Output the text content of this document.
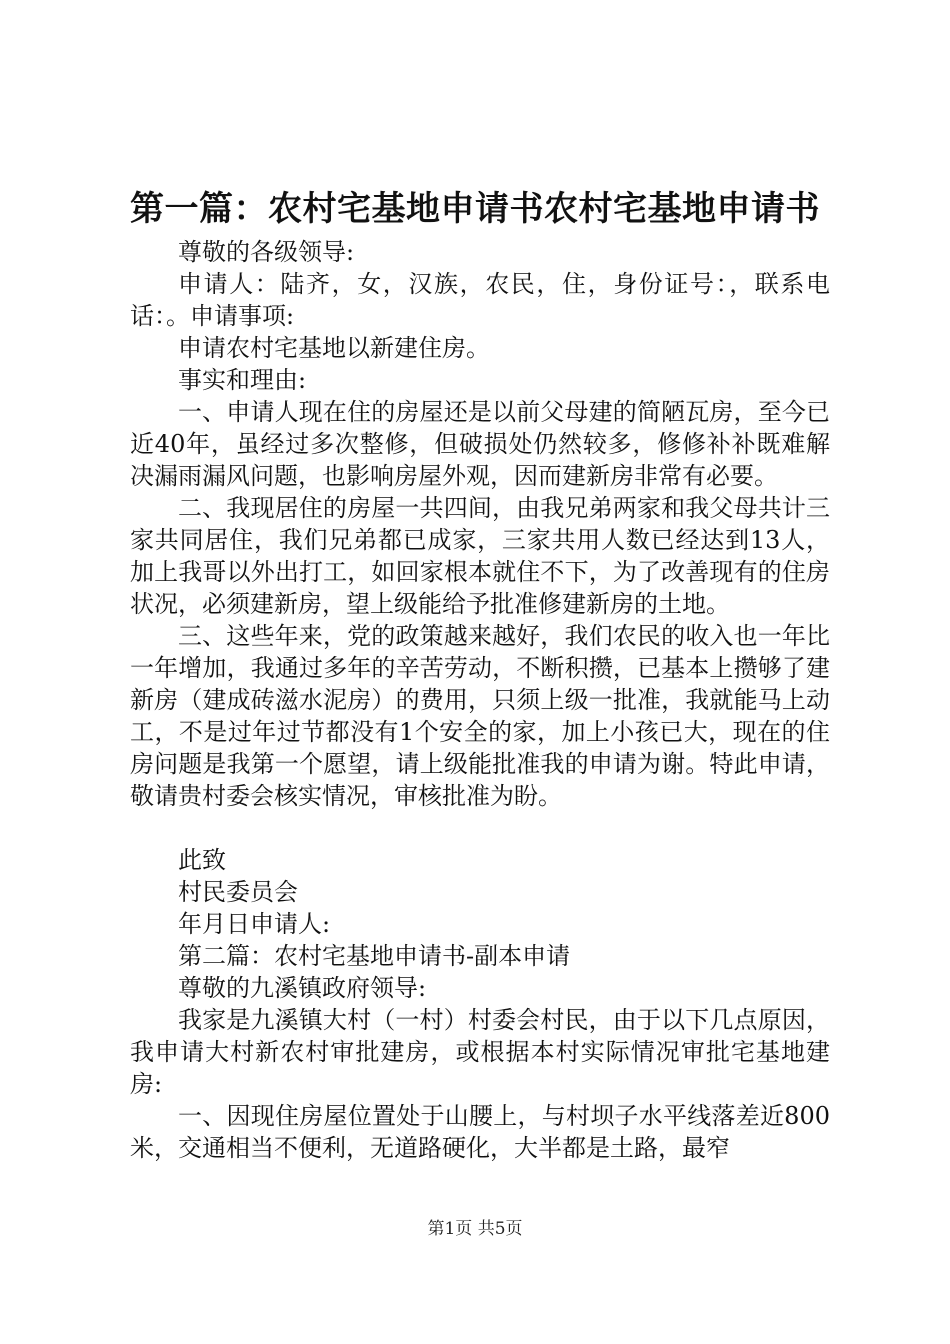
第一篇：农村宅基地申请书农村宅基地申请书

尊敬的各级领导:

申请人：陆齐，女，汉族，农民，住，身份证号：，联系电话：。申请事项:

申请农村宅基地以新建住房。

事实和理由:

一、申请人现在住的房屋还是以前父母建的简陋瓦房，至今已近40年，虽经过多次整修，但破损处仍然较多，修修补补既难解决漏雨漏风问题，也影响房屋外观，因而建新房非常有必要。

二、我现居住的房屋一共四间，由我兄弟两家和我父母共计三家共同居住，我们兄弟都已成家，三家共用人数已经达到13人，加上我哥以外出打工，如回家根本就住不下，为了改善现有的住房状况，必须建新房，望上级能给予批准修建新房的土地。

三、这些年来，党的政策越来越好，我们农民的收入也一年比一年增加，我通过多年的辛苦劳动，不断积攒，已基本上攒够了建新房（建成砖滋水泥房）的费用，只须上级一批准，我就能马上动工，不是过年过节都没有1个安全的家，加上小孩已大，现在的住房问题是我第一个愿望，请上级能批准我的申请为谢。特此申请，敬请贵村委会核实情况，审核批准为盼。

此致

村民委员会

年月日申请人:

第二篇：农村宅基地申请书-副本申请

尊敬的九溪镇政府领导:

我家是九溪镇大村（一村）村委会村民，由于以下几点原因，我申请大村新农村审批建房，或根据本村实际情况审批宅基地建房:

一、因现住房屋位置处于山腰上，与村坝子水平线落差近800米，交通相当不便利，无道路硬化，大半都是土路，最窄

第1页 共5页
